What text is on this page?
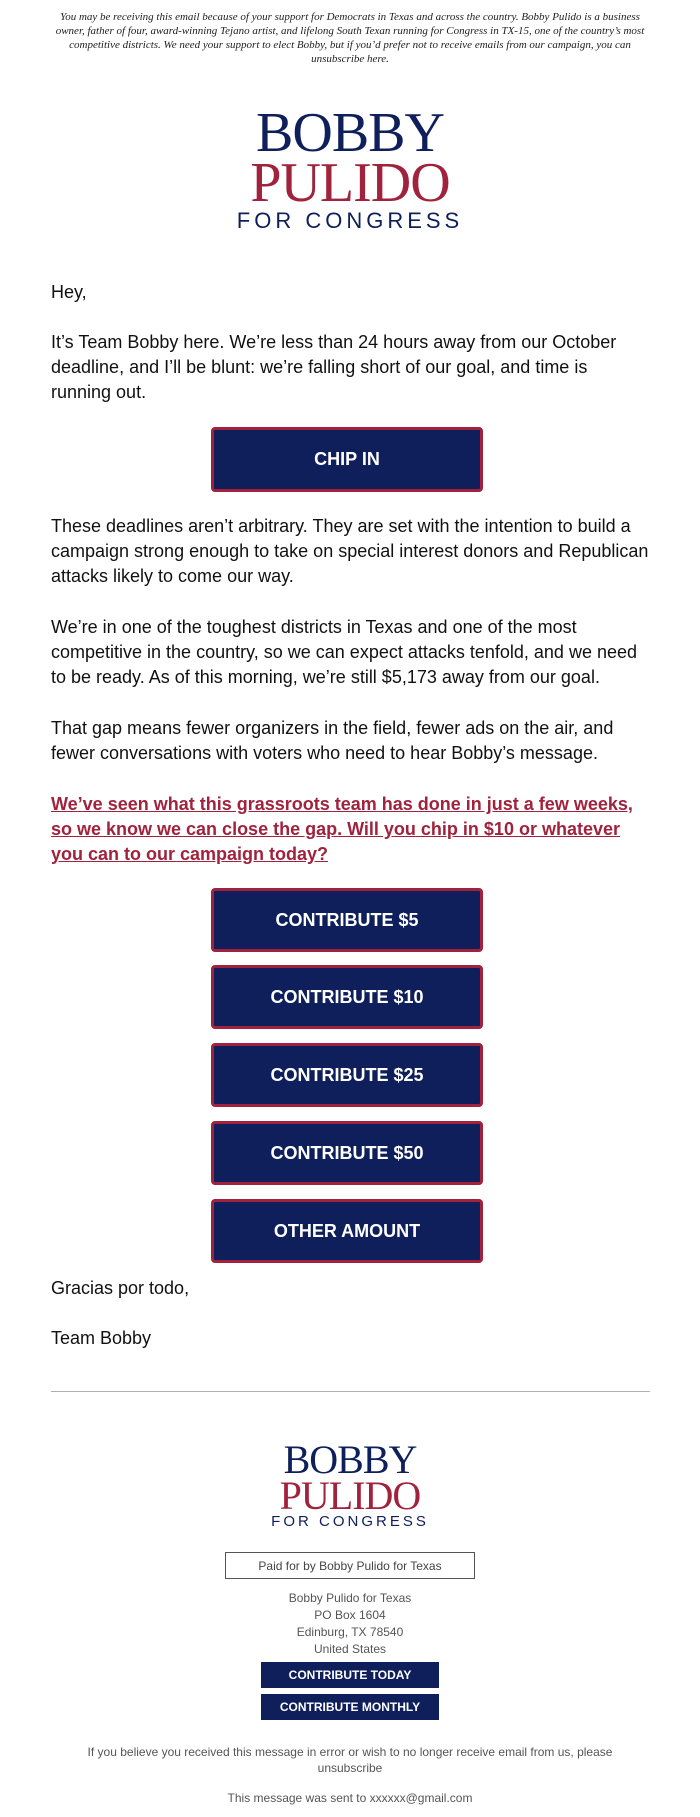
You may be receiving this email because of your support for Democrats in Texas and across the country. Bobby Pulido is a business owner, father of four, award-winning Tejano artist, and lifelong South Texan running for Congress in TX-15, one of the country’s most competitive districts. We need your support to elect Bobby, but if you’d prefer not to receive emails from our campaign, you can unsubscribe here.
BOBBY
PULIDO
FOR CONGRESS
Hey,
It’s Team Bobby here. We’re less than 24 hours away from our October deadline, and I’ll be blunt: we’re falling short of our goal, and time is running out.
CHIP IN
These deadlines aren’t arbitrary. They are set with the intention to build a campaign strong enough to take on special interest donors and Republican attacks likely to come our way.
We’re in one of the toughest districts in Texas and one of the most competitive in the country, so we can expect attacks tenfold, and we need to be ready. As of this morning, we’re still $5,173 away from our goal.
That gap means fewer organizers in the field, fewer ads on the air, and fewer conversations with voters who need to hear Bobby’s message.
We’ve seen what this grassroots team has done in just a few weeks, so we know we can close the gap. Will you chip in $10 or whatever you can to our campaign today?
CONTRIBUTE $5
CONTRIBUTE $10
CONTRIBUTE $25
CONTRIBUTE $50
OTHER AMOUNT
Gracias por todo,
Team Bobby
BOBBY
PULIDO
FOR CONGRESS
Paid for by Bobby Pulido for Texas
Bobby Pulido for Texas
PO Box 1604
Edinburg, TX 78540
United States
CONTRIBUTE TODAY
CONTRIBUTE MONTHLY
If you believe you received this message in error or wish to no longer receive email from us, please unsubscribe
This message was sent to xxxxxx@gmail.com
